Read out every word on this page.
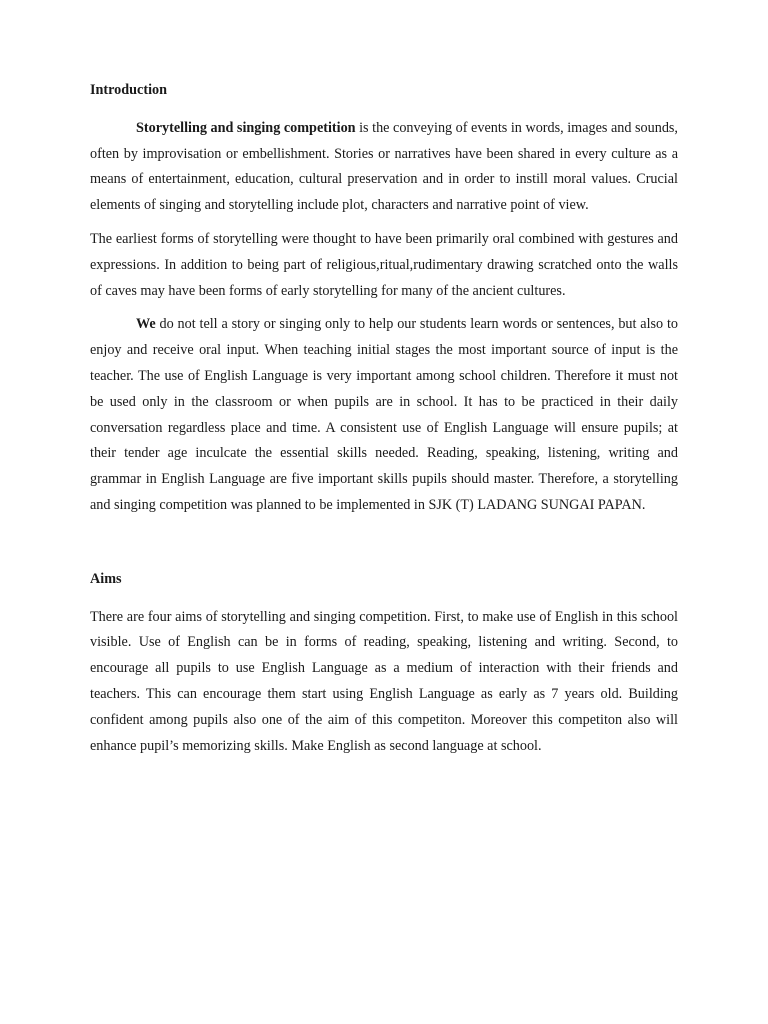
Introduction

Storytelling and singing competition is the conveying of events in words, images and sounds, often by improvisation or embellishment. Stories or narratives have been shared in every culture as a means of entertainment, education, cultural preservation and in order to instill moral values. Crucial elements of singing and storytelling include plot, characters and narrative point of view.

The earliest forms of storytelling were thought to have been primarily oral combined with gestures and expressions. In addition to being part of religious,ritual,rudimentary drawing scratched onto the walls of caves may have been forms of early storytelling for many of the ancient cultures.

We do not tell a story or singing only to help our students learn words or sentences, but also to enjoy and receive oral input. When teaching initial stages the most important source of input is the teacher. The use of English Language is very important among school children. Therefore it must not be used only in the classroom or when pupils are in school. It has to be practiced in their daily conversation regardless place and time. A consistent use of English Language will ensure pupils; at their tender age inculcate the essential skills needed. Reading, speaking, listening, writing and grammar in English Language are five important skills pupils should master. Therefore, a storytelling and singing competition was planned to be implemented in SJK (T) LADANG SUNGAI PAPAN.

Aims

There are four aims of storytelling and singing competition. First, to make use of English in this school visible. Use of English can be in forms of reading, speaking, listening and writing. Second, to encourage all pupils to use English Language as a medium of interaction with their friends and teachers. This can encourage them start using English Language as early as 7 years old. Building confident among pupils also one of the aim of this competiton. Moreover this competiton also will enhance pupil’s memorizing skills. Make English as second language at school.
